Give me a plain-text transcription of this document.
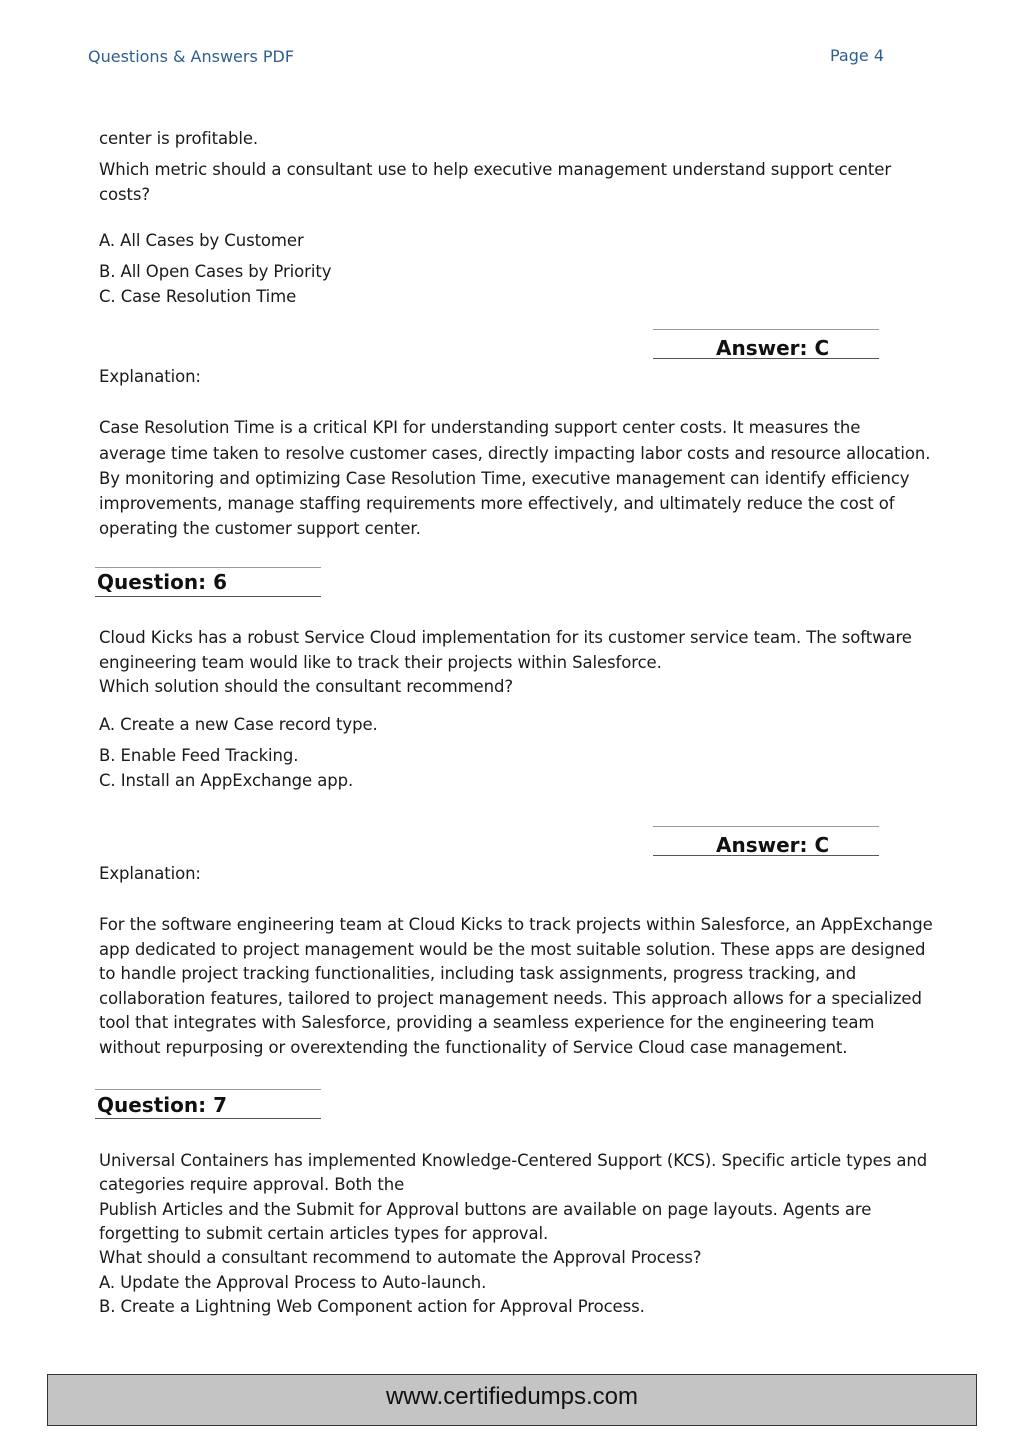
Questions & Answers PDF	Page 4
center is profitable.
Which metric should a consultant use to help executive management understand support center
costs?
A. All Cases by Customer
B. All Open Cases by Priority
C. Case Resolution Time
Answer: C
Explanation:
Case Resolution Time is a critical KPI for understanding support center costs. It measures the
average time taken to resolve customer cases, directly impacting labor costs and resource allocation.
By monitoring and optimizing Case Resolution Time, executive management can identify efficiency
improvements, manage staffing requirements more effectively, and ultimately reduce the cost of
operating the customer support center.
Question: 6
Cloud Kicks has a robust Service Cloud implementation for its customer service team. The software
engineering team would like to track their projects within Salesforce.
Which solution should the consultant recommend?
A. Create a new Case record type.
B. Enable Feed Tracking.
C. Install an AppExchange app.
Answer: C
Explanation:
For the software engineering team at Cloud Kicks to track projects within Salesforce, an AppExchange
app dedicated to project management would be the most suitable solution. These apps are designed
to handle project tracking functionalities, including task assignments, progress tracking, and
collaboration features, tailored to project management needs. This approach allows for a specialized
tool that integrates with Salesforce, providing a seamless experience for the engineering team
without repurposing or overextending the functionality of Service Cloud case management.
Question: 7
Universal Containers has implemented Knowledge-Centered Support (KCS). Specific article types and
categories require approval. Both the
Publish Articles and the Submit for Approval buttons are available on page layouts. Agents are
forgetting to submit certain articles types for approval.
What should a consultant recommend to automate the Approval Process?
A. Update the Approval Process to Auto-launch.
B. Create a Lightning Web Component action for Approval Process.
www.certifiedumps.com
